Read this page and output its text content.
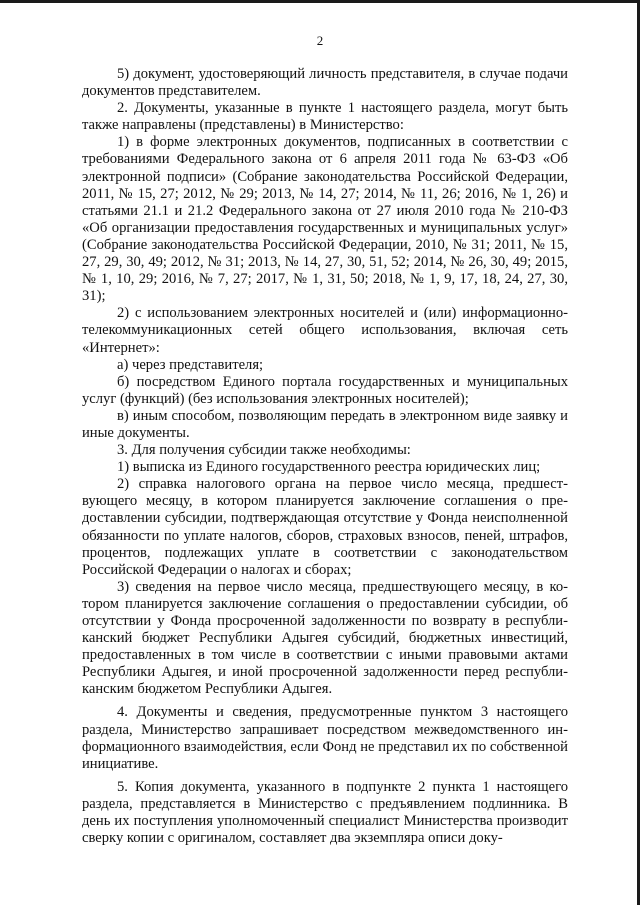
2

5) документ, удостоверяющий личность представителя, в случае подачи документов представителем.

2. Документы, указанные в пункте 1 настоящего раздела, могут быть также направлены (представлены) в Министерство:

1) в форме электронных документов, подписанных в соответствии с требованиями Федерального закона от 6 апреля 2011 года № 63-ФЗ «Об электронной подписи» (Собрание законодательства Российской Федерации, 2011, № 15, 27; 2012, № 29; 2013, № 14, 27; 2014, № 11, 26; 2016, № 1, 26) и статьями 21.1 и 21.2 Федерального закона от 27 июля 2010 года № 210-ФЗ «Об организации предоставления государственных и муниципальных услуг» (Собрание законодательства Российской Федерации, 2010, № 31; 2011, № 15, 27, 29, 30, 49; 2012, № 31; 2013, № 14, 27, 30, 51, 52; 2014, № 26, 30, 49; 2015, № 1, 10, 29; 2016, № 7, 27; 2017, № 1, 31, 50; 2018, № 1, 9, 17, 18, 24, 27, 30, 31);

2) с использованием электронных носителей и (или) информационно-телекоммуникационных сетей общего использования, включая сеть «Интернет»:

а) через представителя;

б) посредством Единого портала государственных и муниципальных услуг (функций) (без использования электронных носителей);

в) иным способом, позволяющим передать в электронном виде заявку и иные документы.

3. Для получения субсидии также необходимы:

1) выписка из Единого государственного реестра юридических лиц;

2) справка налогового органа на первое число месяца, предшествующего месяцу, в котором планируется заключение соглашения о предоставлении субсидии, подтверждающая отсутствие у Фонда неисполненной обязанности по уплате налогов, сборов, страховых взносов, пеней, штрафов, процентов, подлежащих уплате в соответствии с законодательством Российской Федерации о налогах и сборах;

3) сведения на первое число месяца, предшествующего месяцу, в котором планируется заключение соглашения о предоставлении субсидии, об отсутствии у Фонда просроченной задолженности по возврату в республиканский бюджет Республики Адыгея субсидий, бюджетных инвестиций, предоставленных в том числе в соответствии с иными правовыми актами Республики Адыгея, и иной просроченной задолженности перед республиканским бюджетом Республики Адыгея.

4. Документы и сведения, предусмотренные пунктом 3 настоящего раздела, Министерство запрашивает посредством межведомственного информационного взаимодействия, если Фонд не представил их по собственной инициативе.

5. Копия документа, указанного в подпункте 2 пункта 1 настоящего раздела, представляется в Министерство с предъявлением подлинника. В день их поступления уполномоченный специалист Министерства производит сверку копии с оригиналом, составляет два экземпляра описи доку-
